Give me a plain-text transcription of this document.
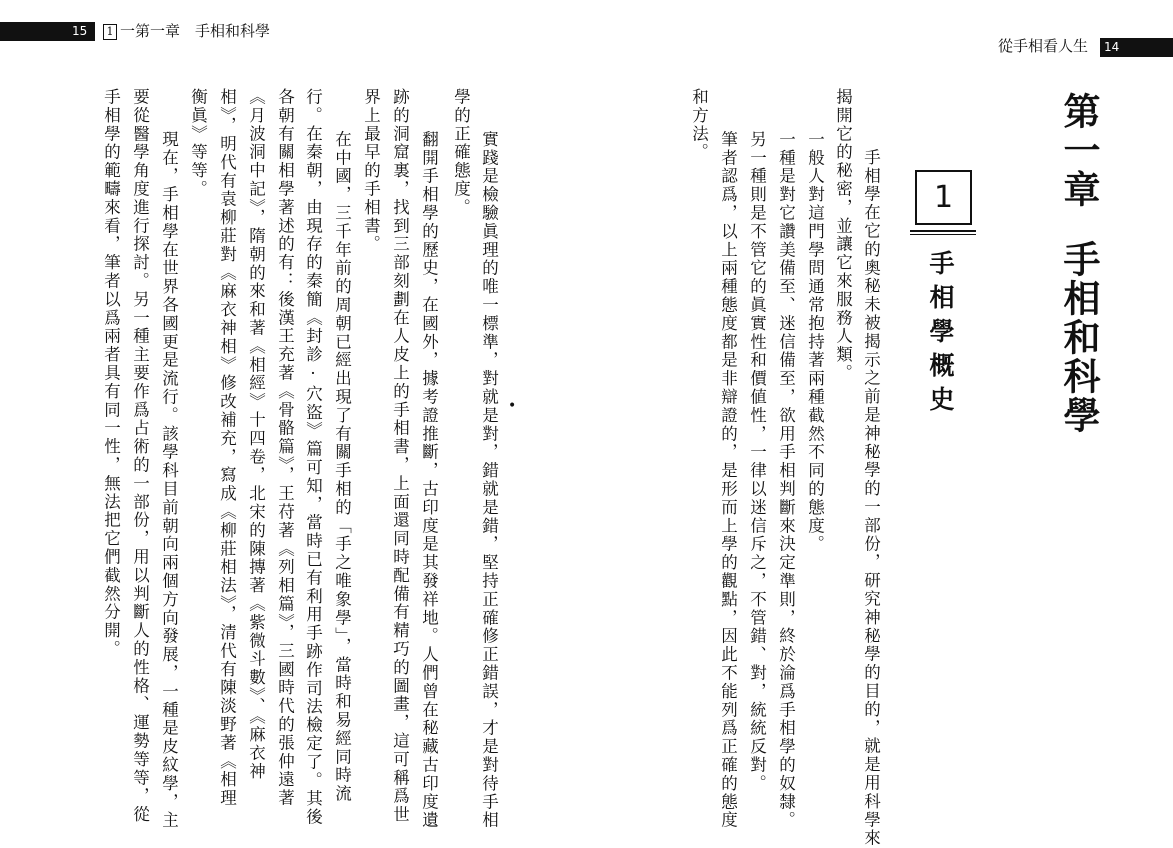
15	1 一第一章　手相和科學
從手相看人生 14
第一章
手相和科學
1
手相學概史
　手相學在它的奧秘未被揭示之前是神秘學的一部份，研究神秘學的目的，就是用科學來
揭開它的秘密，並讓它來服務人類。
　一般人對這門學問通常抱持著兩種截然不同的態度。
　一種是對它讚美備至、迷信備至，欲用手相判斷來決定準則，終於淪爲手相學的奴隸。
　另一種則是不管它的眞實性和價値性，一律以迷信斥之，不管錯、對，統統反對。
　筆者認爲，以上兩種態度都是非辯證的，是形而上學的觀點，因此不能列爲正確的態度
和方法。
　實踐是檢驗眞理的唯一標準，對就是對，錯就是錯，堅持正確修正錯誤，才是對待手相
學的正確態度。
　翻開手相學的歷史，在國外，據考證推斷，古印度是其發祥地。人們曾在秘藏古印度遺
跡的洞窟裏，找到三部刻劃在人皮上的手相書，上面還同時配備有精巧的圖畫，這可稱爲世
界上最早的手相書。
　在中國，三千年前的周朝已經出現了有關手相的「手之唯象學」，當時和易經同時流
行。在秦朝，由現存的秦簡《封診·穴盜》篇可知，當時已有利用手跡作司法檢定了。其後
各朝有關相學著述的有：後漢王充著《骨骼篇》，王苻著《列相篇》，三國時代的張仲遠著
《月波洞中記》，隋朝的來和著《相經》十四卷，北宋的陳摶著《紫微斗數》、《麻衣神
相》，明代有袁柳莊對《麻衣神相》修改補充，寫成《柳莊相法》，清代有陳淡野著《相理
衡眞》等等。
　現在，手相學在世界各國更是流行。該學科目前朝向兩個方向發展，一種是皮紋學，主
要從醫學角度進行探討。另一種主要作爲占術的一部份，用以判斷人的性格、運勢等等，從
手相學的範疇來看，筆者以爲兩者具有同一性，無法把它們截然分開。	•
